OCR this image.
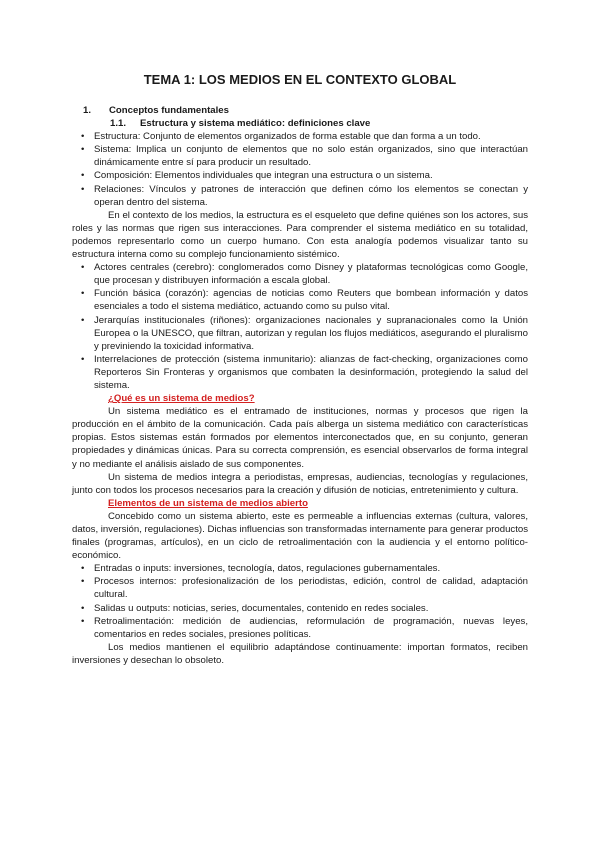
TEMA 1: LOS MEDIOS EN EL CONTEXTO GLOBAL
1. Conceptos fundamentales
1.1. Estructura y sistema mediático: definiciones clave
• Estructura: Conjunto de elementos organizados de forma estable que dan forma a un todo.
• Sistema: Implica un conjunto de elementos que no solo están organizados, sino que interactúan dinámicamente entre sí para producir un resultado.
• Composición: Elementos individuales que integran una estructura o un sistema.
• Relaciones: Vínculos y patrones de interacción que definen cómo los elementos se conectan y operan dentro del sistema.
En el contexto de los medios, la estructura es el esqueleto que define quiénes son los actores, sus roles y las normas que rigen sus interacciones. Para comprender el sistema mediático en su totalidad, podemos representarlo como un cuerpo humano. Con esta analogía podemos visualizar tanto su estructura interna como su complejo funcionamiento sistémico.
• Actores centrales (cerebro): conglomerados como Disney y plataformas tecnológicas como Google, que procesan y distribuyen información a escala global.
• Función básica (corazón): agencias de noticias como Reuters que bombean información y datos esenciales a todo el sistema mediático, actuando como su pulso vital.
• Jerarquías institucionales (riñones): organizaciones nacionales y supranacionales como la Unión Europea o la UNESCO, que filtran, autorizan y regulan los flujos mediáticos, asegurando el pluralismo y previniendo la toxicidad informativa.
• Interrelaciones de protección (sistema inmunitario): alianzas de fact-checking, organizaciones como Reporteros Sin Fronteras y organismos que combaten la desinformación, protegiendo la salud del sistema.
¿Qué es un sistema de medios?
Un sistema mediático es el entramado de instituciones, normas y procesos que rigen la producción en el ámbito de la comunicación. Cada país alberga un sistema mediático con características propias. Estos sistemas están formados por elementos interconectados que, en su conjunto, generan propiedades y dinámicas únicas. Para su correcta comprensión, es esencial observarlos de forma integral y no mediante el análisis aislado de sus componentes.
Un sistema de medios integra a periodistas, empresas, audiencias, tecnologías y regulaciones, junto con todos los procesos necesarios para la creación y difusión de noticias, entretenimiento y cultura.
Elementos de un sistema de medios abierto
Concebido como un sistema abierto, este es permeable a influencias externas (cultura, valores, datos, inversión, regulaciones). Dichas influencias son transformadas internamente para generar productos finales (programas, artículos), en un ciclo de retroalimentación con la audiencia y el entorno político-económico.
• Entradas o inputs: inversiones, tecnología, datos, regulaciones gubernamentales.
• Procesos internos: profesionalización de los periodistas, edición, control de calidad, adaptación cultural.
• Salidas u outputs: noticias, series, documentales, contenido en redes sociales.
• Retroalimentación: medición de audiencias, reformulación de programación, nuevas leyes, comentarios en redes sociales, presiones políticas.
Los medios mantienen el equilibrio adaptándose continuamente: importan formatos, reciben inversiones y desechan lo obsoleto.
